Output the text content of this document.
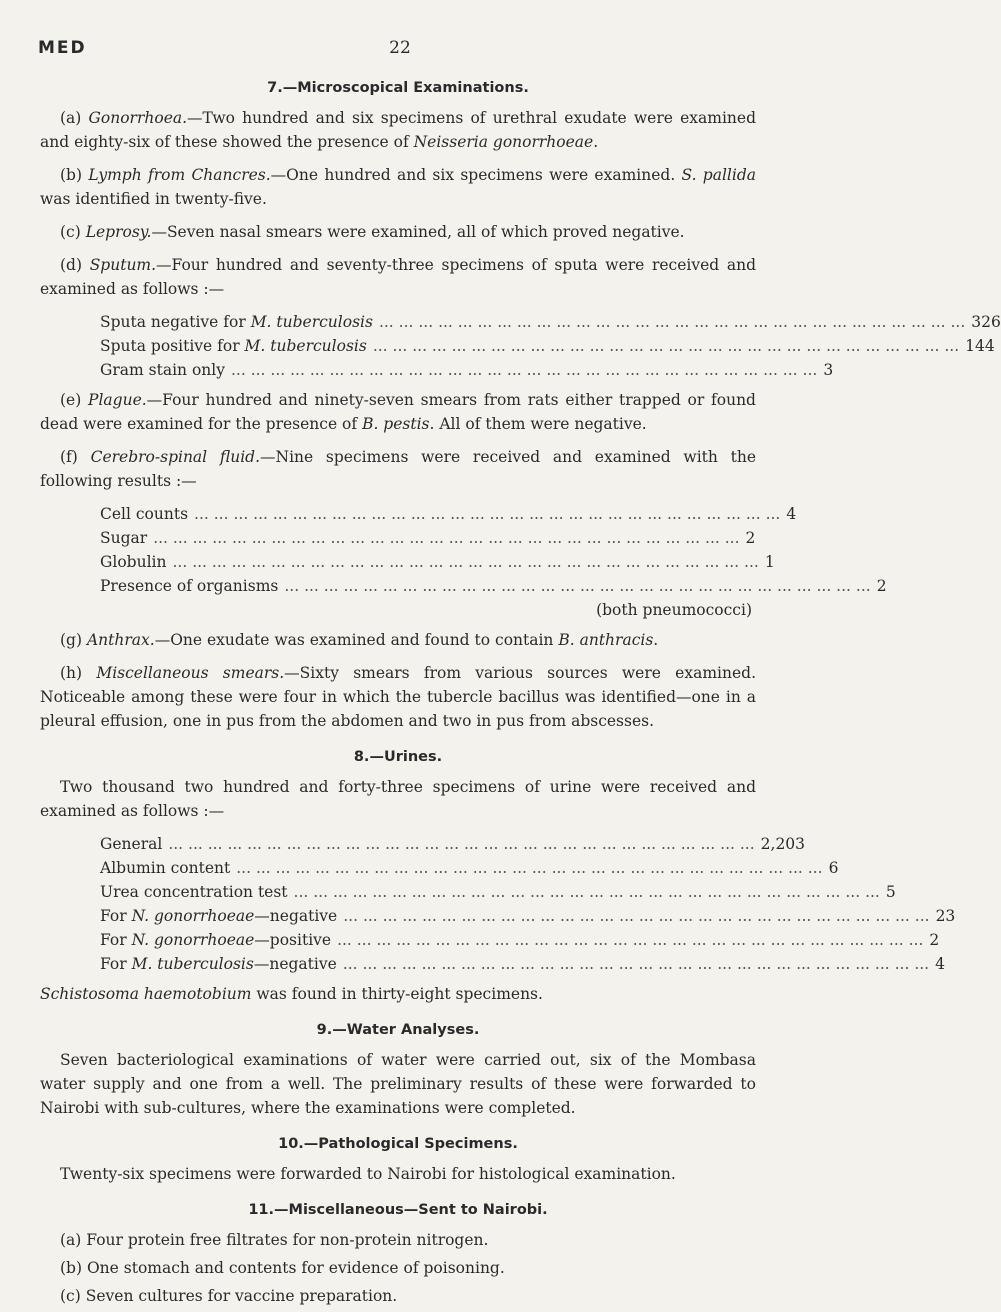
MED	22
7.—Microscopical Examinations.

(a) Gonorrhoea.—Two hundred and six specimens of urethral exudate were examined and eighty-six of these showed the presence of Neisseria gonorrhoeae.

(b) Lymph from Chancres.—One hundred and six specimens were examined. S. pallida was identified in twenty-five.

(c) Leprosy.—Seven nasal smears were examined, all of which proved negative.

(d) Sputum.—Four hundred and seventy-three specimens of sputa were received and examined as follows :—

Sputa negative for M. tuberculosis ... ... ... ... ... ... ... ... ... ... ... ... ... ... ... ... ... ... ... ... ... ... ... ... ... ... ... ... ... ... 326
Sputa positive for M. tuberculosis ... ... ... ... ... ... ... ... ... ... ... ... ... ... ... ... ... ... ... ... ... ... ... ... ... ... ... ... ... ... 144
Gram stain only ... ... ... ... ... ... ... ... ... ... ... ... ... ... ... ... ... ... ... ... ... ... ... ... ... ... ... ... ... ... 3

(e) Plague.—Four hundred and ninety-seven smears from rats either trapped or found dead were examined for the presence of B. pestis. All of them were negative.

(f) Cerebro-spinal fluid.—Nine specimens were received and examined with the following results :—

Cell counts ... ... ... ... ... ... ... ... ... ... ... ... ... ... ... ... ... ... ... ... ... ... ... ... ... ... ... ... ... ... 4
Sugar ... ... ... ... ... ... ... ... ... ... ... ... ... ... ... ... ... ... ... ... ... ... ... ... ... ... ... ... ... ... 2
Globulin ... ... ... ... ... ... ... ... ... ... ... ... ... ... ... ... ... ... ... ... ... ... ... ... ... ... ... ... ... ... 1
Presence of organisms ... ... ... ... ... ... ... ... ... ... ... ... ... ... ... ... ... ... ... ... ... ... ... ... ... ... ... ... ... ... 2
(both pneumococci)

(g) Anthrax.—One exudate was examined and found to contain B. anthracis.

(h) Miscellaneous smears.—Sixty smears from various sources were examined. Noticeable among these were four in which the tubercle bacillus was identified—one in a pleural effusion, one in pus from the abdomen and two in pus from abscesses.

8.—Urines.

Two thousand two hundred and forty-three specimens of urine were received and examined as follows :—

General ... ... ... ... ... ... ... ... ... ... ... ... ... ... ... ... ... ... ... ... ... ... ... ... ... ... ... ... ... ... 2,203
Albumin content ... ... ... ... ... ... ... ... ... ... ... ... ... ... ... ... ... ... ... ... ... ... ... ... ... ... ... ... ... ... 6
Urea concentration test ... ... ... ... ... ... ... ... ... ... ... ... ... ... ... ... ... ... ... ... ... ... ... ... ... ... ... ... ... ... 5
For N. gonorrhoeae—negative ... ... ... ... ... ... ... ... ... ... ... ... ... ... ... ... ... ... ... ... ... ... ... ... ... ... ... ... ... ... 23
For N. gonorrhoeae—positive ... ... ... ... ... ... ... ... ... ... ... ... ... ... ... ... ... ... ... ... ... ... ... ... ... ... ... ... ... ... 2
For M. tuberculosis—negative ... ... ... ... ... ... ... ... ... ... ... ... ... ... ... ... ... ... ... ... ... ... ... ... ... ... ... ... ... ... 4

Schistosoma haemotobium was found in thirty-eight specimens.

9.—Water Analyses.

Seven bacteriological examinations of water were carried out, six of the Mombasa water supply and one from a well. The preliminary results of these were forwarded to Nairobi with sub-cultures, where the examinations were completed.

10.—Pathological Specimens.

Twenty-six specimens were forwarded to Nairobi for histological examination.

11.—Miscellaneous—Sent to Nairobi.

(a) Four protein free filtrates for non-protein nitrogen.

(b) One stomach and contents for evidence of poisoning.

(c) Seven cultures for vaccine preparation.
